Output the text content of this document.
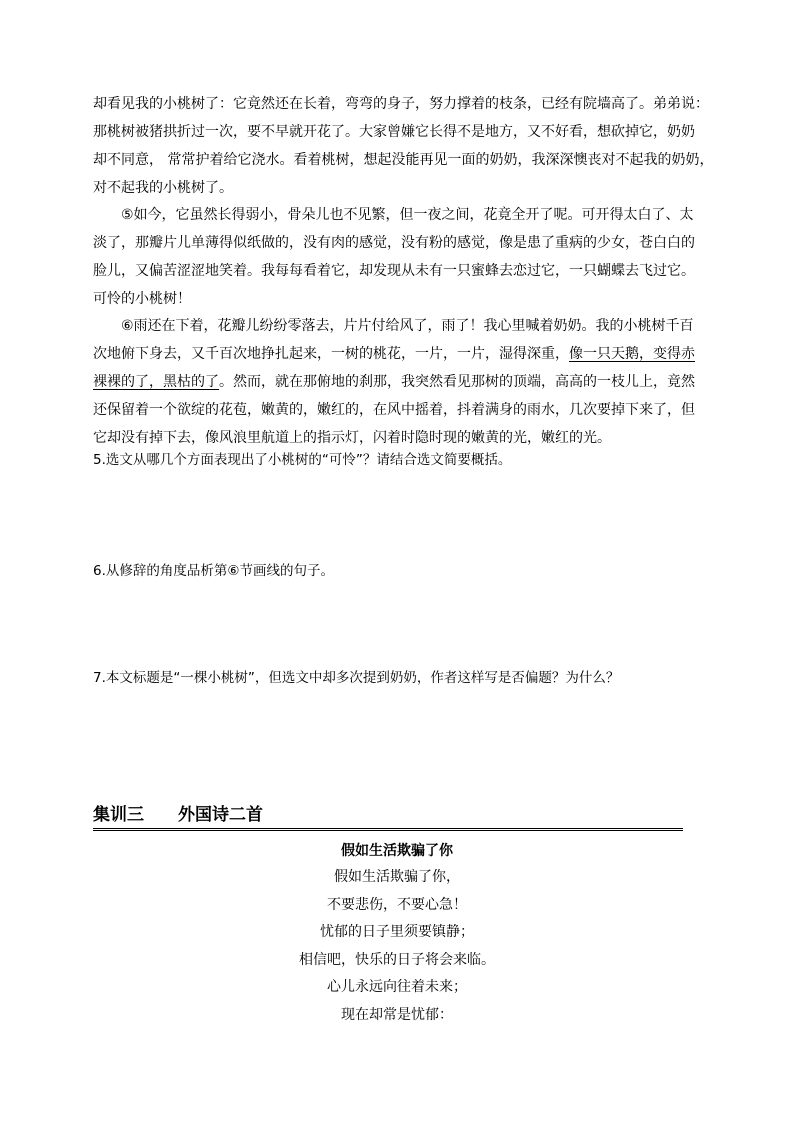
却看见我的小桃树了：它竟然还在长着，弯弯的身子，努力撑着的枝条，已经有院墙高了。弟弟说：

那桃树被猪拱折过一次，要不早就开花了。大家曾嫌它长得不是地方，又不好看，想砍掉它，奶奶

却不同意， 常常护着给它浇水。看着桃树，想起没能再见一面的奶奶，我深深懊丧对不起我的奶奶，

对不起我的小桃树了。

⑤如今，它虽然长得弱小，骨朵儿也不见繁，但一夜之间，花竟全开了呢。可开得太白了、太

淡了，那瓣片儿单薄得似纸做的，没有肉的感觉，没有粉的感觉，像是患了重病的少女，苍白白的

脸儿，又偏苦涩涩地笑着。我每每看着它，却发现从未有一只蜜蜂去恋过它，一只蝴蝶去飞过它。

可怜的小桃树！

⑥雨还在下着，花瓣儿纷纷零落去，片片付给风了，雨了！我心里喊着奶奶。我的小桃树千百

次地俯下身去，又千百次地挣扎起来，一树的桃花，一片，一片，湿得深重，像一只天鹅，变得赤

裸裸的了，黑枯的了。然而，就在那俯地的刹那，我突然看见那树的顶端，高高的一枝儿上，竟然

还保留着一个欲绽的花苞，嫩黄的，嫩红的，在风中摇着，抖着满身的雨水，几次要掉下来了，但

它却没有掉下去，像风浪里航道上的指示灯，闪着时隐时现的嫩黄的光，嫩红的光。

5.选文从哪几个方面表现出了小桃树的“可怜”？请结合选文简要概括。
6.从修辞的角度品析第⑥节画线的句子。
7.本文标题是“一棵小桃树”，但选文中却多次提到奶奶，作者这样写是否偏题？为什么？
集训三 外国诗二首
假如生活欺骗了你
假如生活欺骗了你，
不要悲伤，不要心急！
忧郁的日子里须要镇静；
相信吧，快乐的日子将会来临。
心儿永远向往着未来；
现在却常是忧郁：
